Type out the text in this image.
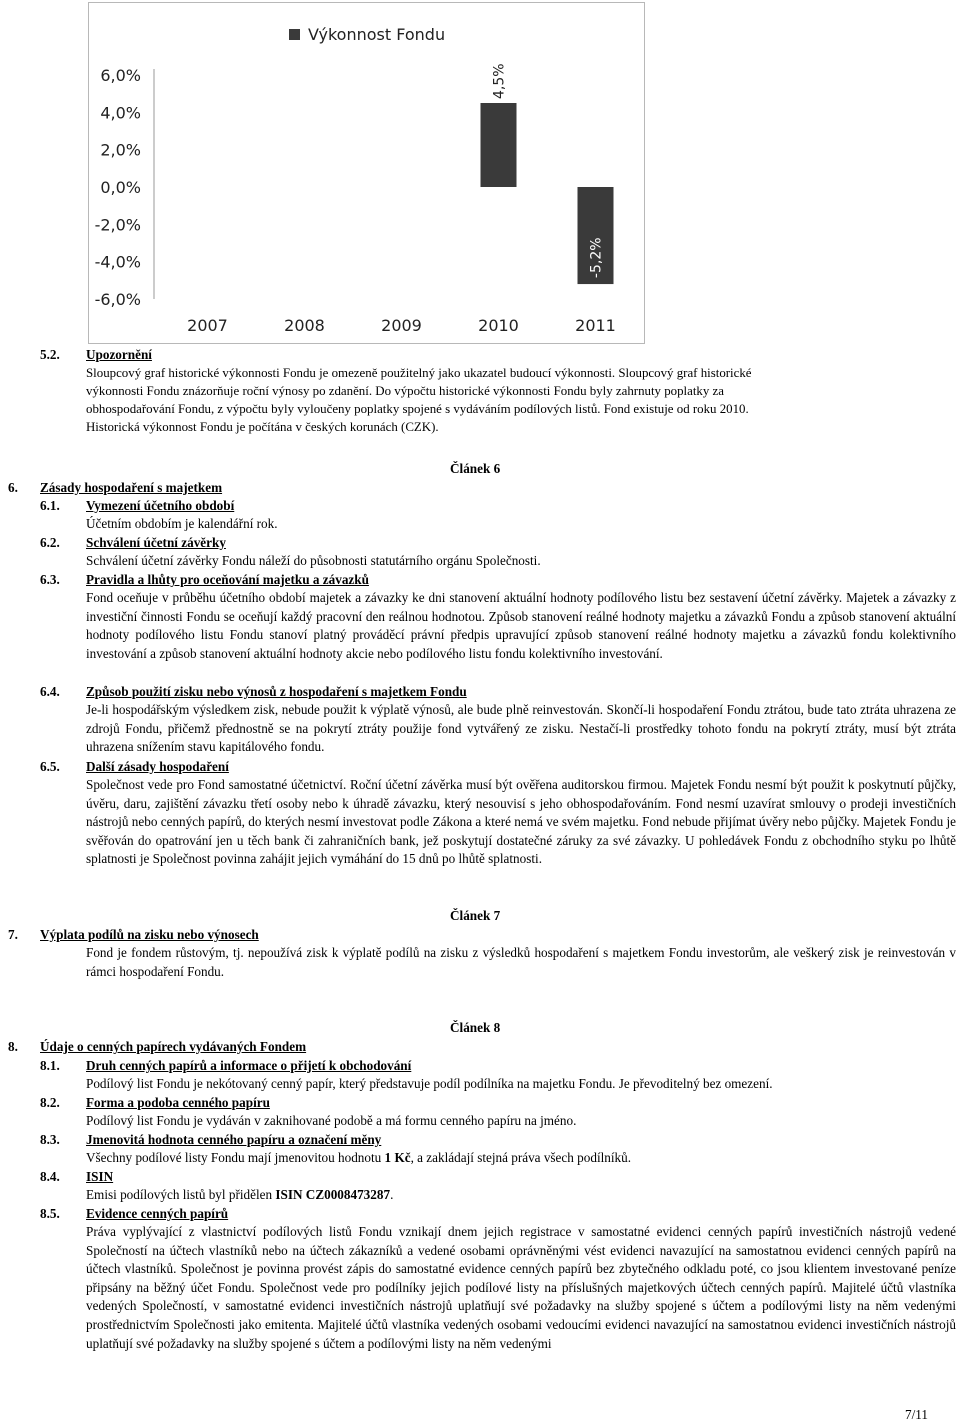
Výkonnost Fondu
6,0%
4,0%
2,0%
0,0%
-2,0%
-4,0%
-6,0%
2007	2008	2009	2010	2011
4,5%
-5,2%
5.2. Upozornění
Sloupcový graf historické výkonnosti Fondu je omezeně použitelný jako ukazatel budoucí výkonnosti. Sloupcový graf historické
výkonnosti Fondu znázorňuje roční výnosy po zdanění. Do výpočtu historické výkonnosti Fondu byly zahrnuty poplatky za
obhospodařování Fondu, z výpočtu byly vyloučeny poplatky spojené s vydáváním podílových listů. Fond existuje od roku 2010.
Historická výkonnost Fondu je počítána v českých korunách (CZK).
Článek 6
6. Zásady hospodaření s majetkem
6.1. Vymezení účetního období
Účetním obdobím je kalendářní rok.
6.2. Schválení účetní závěrky
Schválení účetní závěrky Fondu náleží do působnosti statutárního orgánu Společnosti.
6.3. Pravidla a lhůty pro oceňování majetku a závazků
Fond oceňuje v průběhu účetního období majetek a závazky ke dni stanovení aktuální hodnoty podílového listu bez sestavení účetní závěrky. Majetek a závazky z investiční činnosti Fondu se oceňují každý pracovní den reálnou hodnotou. Způsob stanovení reálné hodnoty majetku a závazků Fondu a způsob stanovení aktuální hodnoty podílového listu Fondu stanoví platný prováděcí právní předpis upravující způsob stanovení reálné hodnoty majetku a závazků fondu kolektivního investování a způsob stanovení aktuální hodnoty akcie nebo podílového listu fondu kolektivního investování.
6.4. Způsob použití zisku nebo výnosů z hospodaření s majetkem Fondu
Je-li hospodářským výsledkem zisk, nebude použit k výplatě výnosů, ale bude plně reinvestován. Skončí-li hospodaření Fondu ztrátou, bude tato ztráta uhrazena ze zdrojů Fondu, přičemž přednostně se na pokrytí ztráty použije fond vytvářený ze zisku. Nestačí-li prostředky tohoto fondu na pokrytí ztráty, musí být ztráta uhrazena snížením stavu kapitálového fondu.
6.5. Další zásady hospodaření
Společnost vede pro Fond samostatné účetnictví. Roční účetní závěrka musí být ověřena auditorskou firmou. Majetek Fondu nesmí být použit k poskytnutí půjčky, úvěru, daru, zajištění závazku třetí osoby nebo k úhradě závazku, který nesouvisí s jeho obhospodařováním. Fond nesmí uzavírat smlouvy o prodeji investičních nástrojů nebo cenných papírů, do kterých nesmí investovat podle Zákona a které nemá ve svém majetku. Fond nebude přijímat úvěry nebo půjčky. Majetek Fondu je svěřován do opatrování jen u těch bank či zahraničních bank, jež poskytují dostatečné záruky za své závazky. U pohledávek Fondu z obchodního styku po lhůtě splatnosti je Společnost povinna zahájit jejich vymáhání do 15 dnů po lhůtě splatnosti.
Článek 7
7. Výplata podílů na zisku nebo výnosech
Fond je fondem růstovým, tj. nepoužívá zisk k výplatě podílů na zisku z výsledků hospodaření s majetkem Fondu investorům, ale veškerý zisk je reinvestován v rámci hospodaření Fondu.
Článek 8
8. Údaje o cenných papírech vydávaných Fondem
8.1. Druh cenných papírů a informace o přijetí k obchodování
Podílový list Fondu je nekótovaný cenný papír, který představuje podíl podílníka na majetku Fondu. Je převoditelný bez omezení.
8.2. Forma a podoba cenného papíru
Podílový list Fondu je vydáván v zaknihované podobě a má formu cenného papíru na jméno.
8.3. Jmenovitá hodnota cenného papíru a označení měny
Všechny podílové listy Fondu mají jmenovitou hodnotu 1 Kč, a zakládají stejná práva všech podílníků.
8.4. ISIN
Emisi podílových listů byl přidělen ISIN CZ0008473287.
8.5. Evidence cenných papírů
Práva vyplývající z vlastnictví podílových listů Fondu vznikají dnem jejich registrace v samostatné evidenci cenných papírů investičních nástrojů vedené Společností na účtech vlastníků nebo na účtech zákazníků a vedené osobami oprávněnými vést evidenci navazující na samostatnou evidenci cenných papírů na účtech vlastníků. Společnost je povinna provést zápis do samostatné evidence cenných papírů bez zbytečného odkladu poté, co jsou klientem investované peníze připsány na běžný účet Fondu. Společnost vede pro podílníky jejich podílové listy na příslušných majetkových účtech cenných papírů. Majitelé účtů vlastníka vedených Společností, v samostatné evidenci investičních nástrojů uplatňují své požadavky na služby spojené s účtem a podílovými listy na něm vedenými prostřednictvím Společnosti jako emitenta. Majitelé účtů vlastníka vedených osobami vedoucími evidenci navazující na samostatnou evidenci investičních nástrojů uplatňují své požadavky na služby spojené s účtem a podílovými listy na něm vedenými
7/11
